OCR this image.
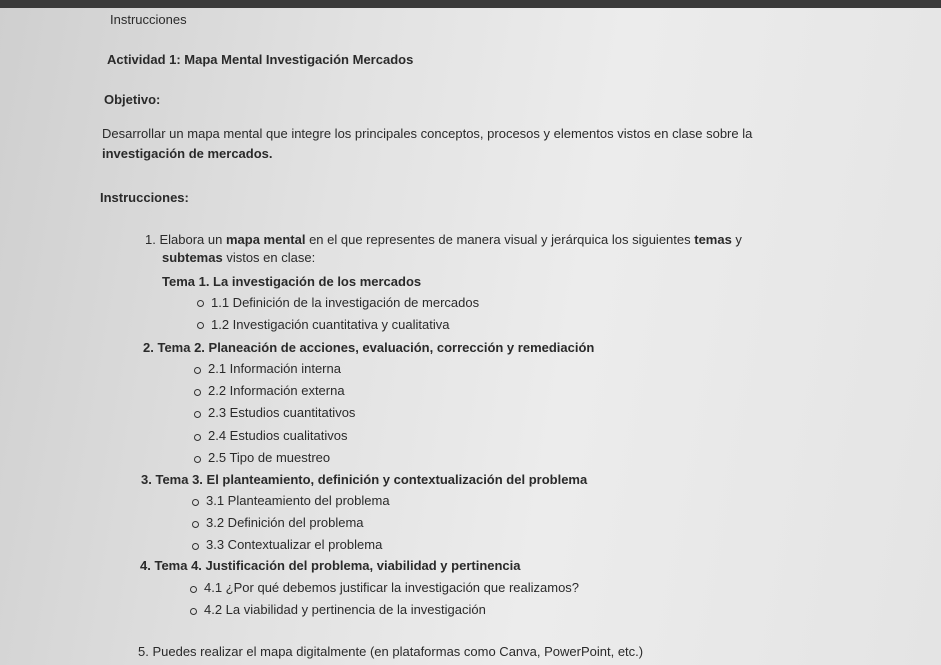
Instrucciones
Actividad 1: Mapa Mental Investigación Mercados
Objetivo:
Desarrollar un mapa mental que integre los principales conceptos, procesos y elementos vistos en clase sobre la
investigación de mercados.
Instrucciones:
1. Elabora un mapa mental en el que representes de manera visual y jerárquica los siguientes temas y
subtemas vistos en clase:
Tema 1. La investigación de los mercados
1.1 Definición de la investigación de mercados
1.2 Investigación cuantitativa y cualitativa
2. Tema 2. Planeación de acciones, evaluación, corrección y remediación
2.1 Información interna
2.2 Información externa
2.3 Estudios cuantitativos
2.4 Estudios cualitativos
2.5 Tipo de muestreo
3. Tema 3. El planteamiento, definición y contextualización del problema
3.1 Planteamiento del problema
3.2 Definición del problema
3.3 Contextualizar el problema
4. Tema 4. Justificación del problema, viabilidad y pertinencia
4.1 ¿Por qué debemos justificar la investigación que realizamos?
4.2 La viabilidad y pertinencia de la investigación
5. Puedes realizar el mapa digitalmente (en plataformas como Canva, PowerPoint, etc.)
